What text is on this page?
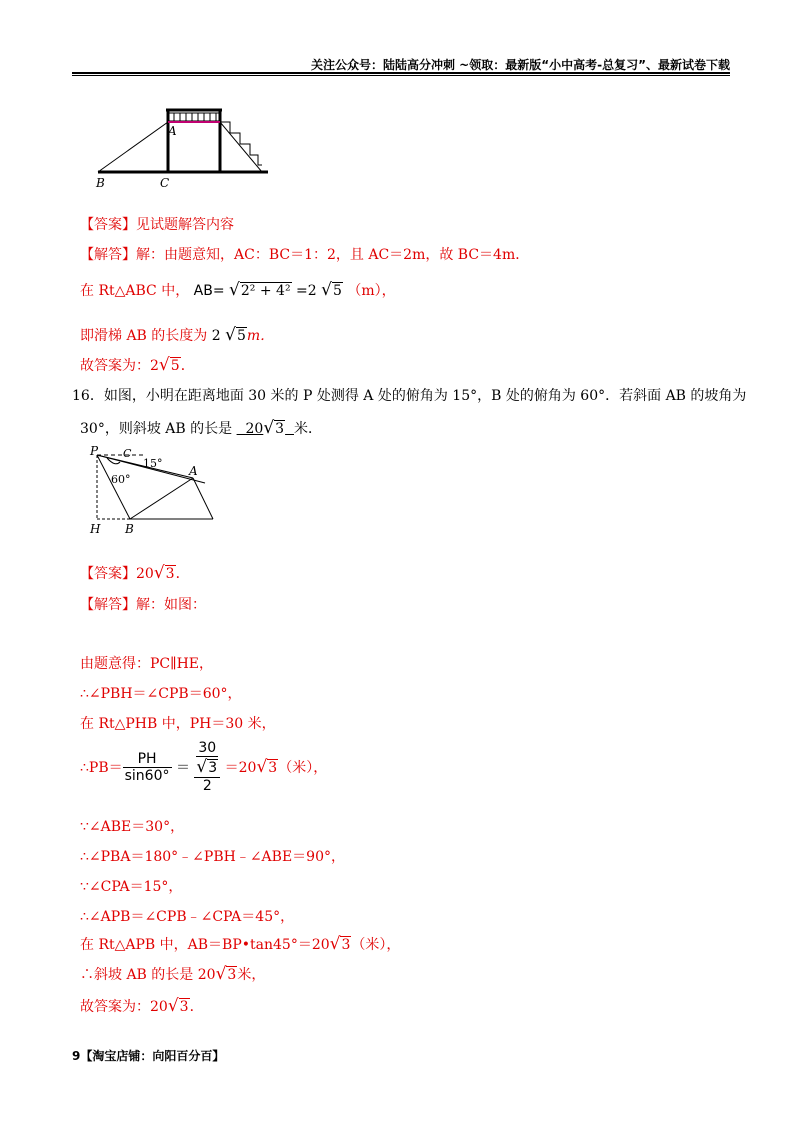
关注公众号：陆陆高分冲刺 ~领取：最新版“小中高考-总复习”、最新试卷下载
A
B	C
【答案】见试题解答内容
【解答】解：由题意知，AC：BC＝1：2，且 AC＝2m，故 BC＝4m．
在 Rt△ABC 中， AB= √2² + 4² =2 √5 （m），
即滑梯 AB 的长度为 2 √5m．
故答案为：2√5．
16．如图，小明在距离地面 30 米的 P 处测得 A 处的俯角为 15°，B 处的俯角为 60°．若斜面 AB 的坡角为
30°，则斜坡 AB 的长是 20√3 米．
P
A
H B
C
60°
15°
【答案】20√3．
【解答】解：如图：
由题意得：PC∥HE，
∴∠PBH＝∠CPB＝60°，
在 Rt△PHB 中，PH＝30 米，
∴PB＝ $\frac{PH}{\sin 60^\circ} = 30$
√3
2 ＝20√3（米），
∵∠ABE＝30°，
∴∠PBA＝180°﹣∠PBH﹣∠ABE＝90°，
∵∠CPA＝15°，
∴∠APB＝∠CPB﹣∠CPA＝45°，
在 Rt△APB 中，AB＝BP•tan45°＝20√3（米），
∴斜坡 AB 的长是 20√3米，
故答案为：20√3．
9【淘宝店铺：向阳百分百】
